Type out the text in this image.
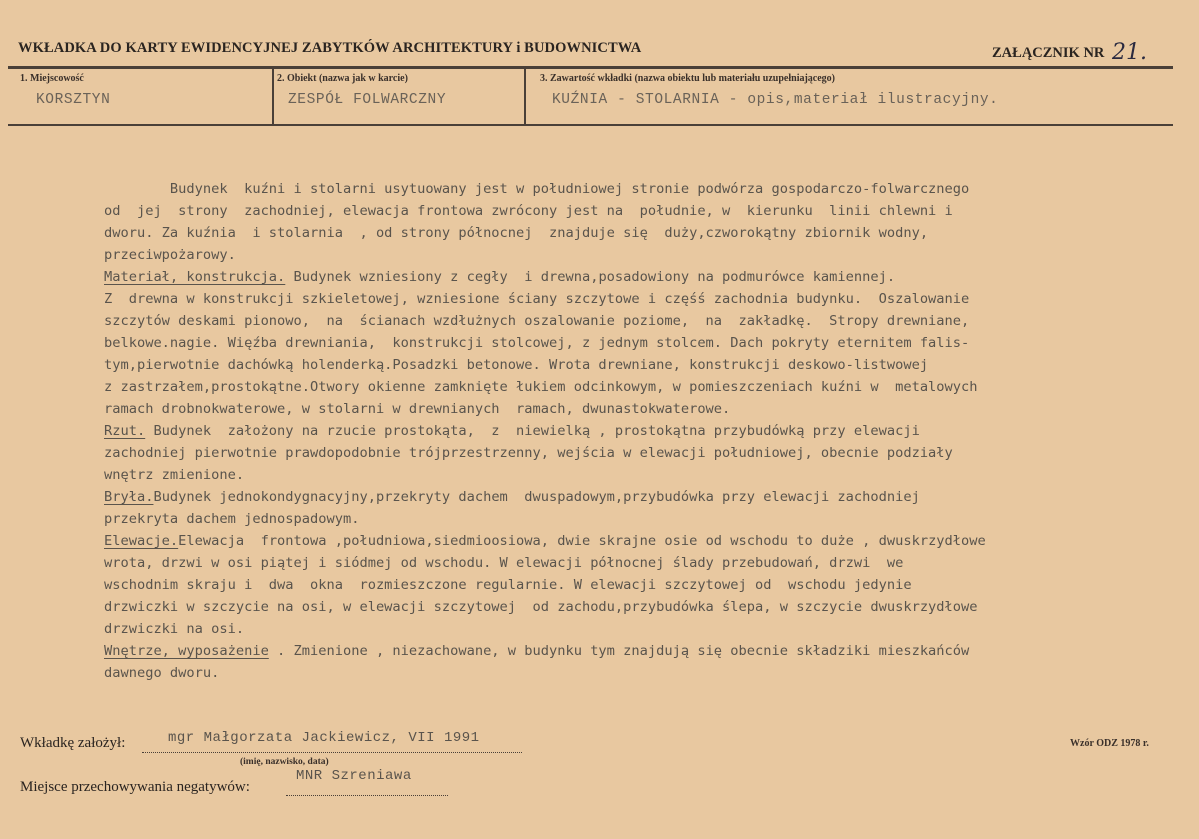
WKŁADKA DO KARTY EWIDENCYJNEJ ZABYTKÓW ARCHITEKTURY i BUDOWNICTWA	ZAŁĄCZNIK NR 21.
1. Miejscowość
KORSZTYN
2. Obiekt (nazwa jak w karcie)
ZESPÓŁ FOLWARCZNY
3. Zawartość wkładki (nazwa obiektu lub materiału uzupełniającego)
KUŹNIA - STOLARNIA - opis,materiał ilustracyjny.

Budynek  kuźni i stolarni usytuowany jest w południowej stronie podwórza gospodarczo-folwarcznego
od  jej  strony  zachodniej, elewacja frontowa zwrócony jest na  południe, w  kierunku  linii chlewni i
dworu. Za kuźnia  i stolarnia  , od strony północnej  znajduje się  duży,czworokątny zbiornik wodny,
przeciwpożarowy.
Materiał, konstrukcja. Budynek wzniesiony z cegły  i drewna,posadowiony na podmurówce kamiennej.
Z  drewna w konstrukcji szkieletowej, wzniesione ściany szczytowe i częśś zachodnia budynku.  Oszalowanie
szczytów deskami pionowo,  na  ścianach wzdłużnych oszalowanie poziome,  na  zakładkę.  Stropy drewniane,
belkowe.nagie. Więźba drewniania,  konstrukcji stolcowej, z jednym stolcem. Dach pokryty eternitem falis-
tym,pierwotnie dachówką holenderką.Posadzki betonowe. Wrota drewniane, konstrukcji deskowo-listwowej
z zastrzałem,prostokątne.Otwory okienne zamknięte łukiem odcinkowym, w pomieszczeniach kuźni w  metalowych
ramach drobnokwaterowe, w stolarni w drewnianych  ramach, dwunastokwaterowe.
Rzut. Budynek  założony na rzucie prostokąta,  z  niewielką , prostokątna przybudówką przy elewacji
zachodniej pierwotnie prawdopodobnie trójprzestrzenny, wejścia w elewacji południowej, obecnie podziały
wnętrz zmienione.
Bryła.Budynek jednokondygnacyjny,przekryty dachem  dwuspadowym,przybudówka przy elewacji zachodniej
przekryta dachem jednospadowym.
Elewacje.Elewacja  frontowa ,południowa,siedmioosiowa, dwie skrajne osie od wschodu to duże , dwuskrzydłowe
wrota, drzwi w osi piątej i siódmej od wschodu. W elewacji północnej ślady przebudowań, drzwi  we
wschodnim skraju i  dwa  okna  rozmieszczone regularnie. W elewacji szczytowej od  wschodu jedynie
drzwiczki w szczycie na osi, w elewacji szczytowej  od zachodu,przybudówka ślepa, w szczycie dwuskrzydłowe
drzwiczki na osi.
Wnętrze, wyposażenie . Zmienione , niezachowane, w budynku tym znajdują się obecnie składziki mieszkańców
dawnego dworu.

Wkładkę założył:	mgr Małgorzata Jackiewicz, VII 1991
(imię, nazwisko, data)
Miejsce przechowywania negatywów:
MNR Szreniawa
Wzór ODZ 1978 r.
